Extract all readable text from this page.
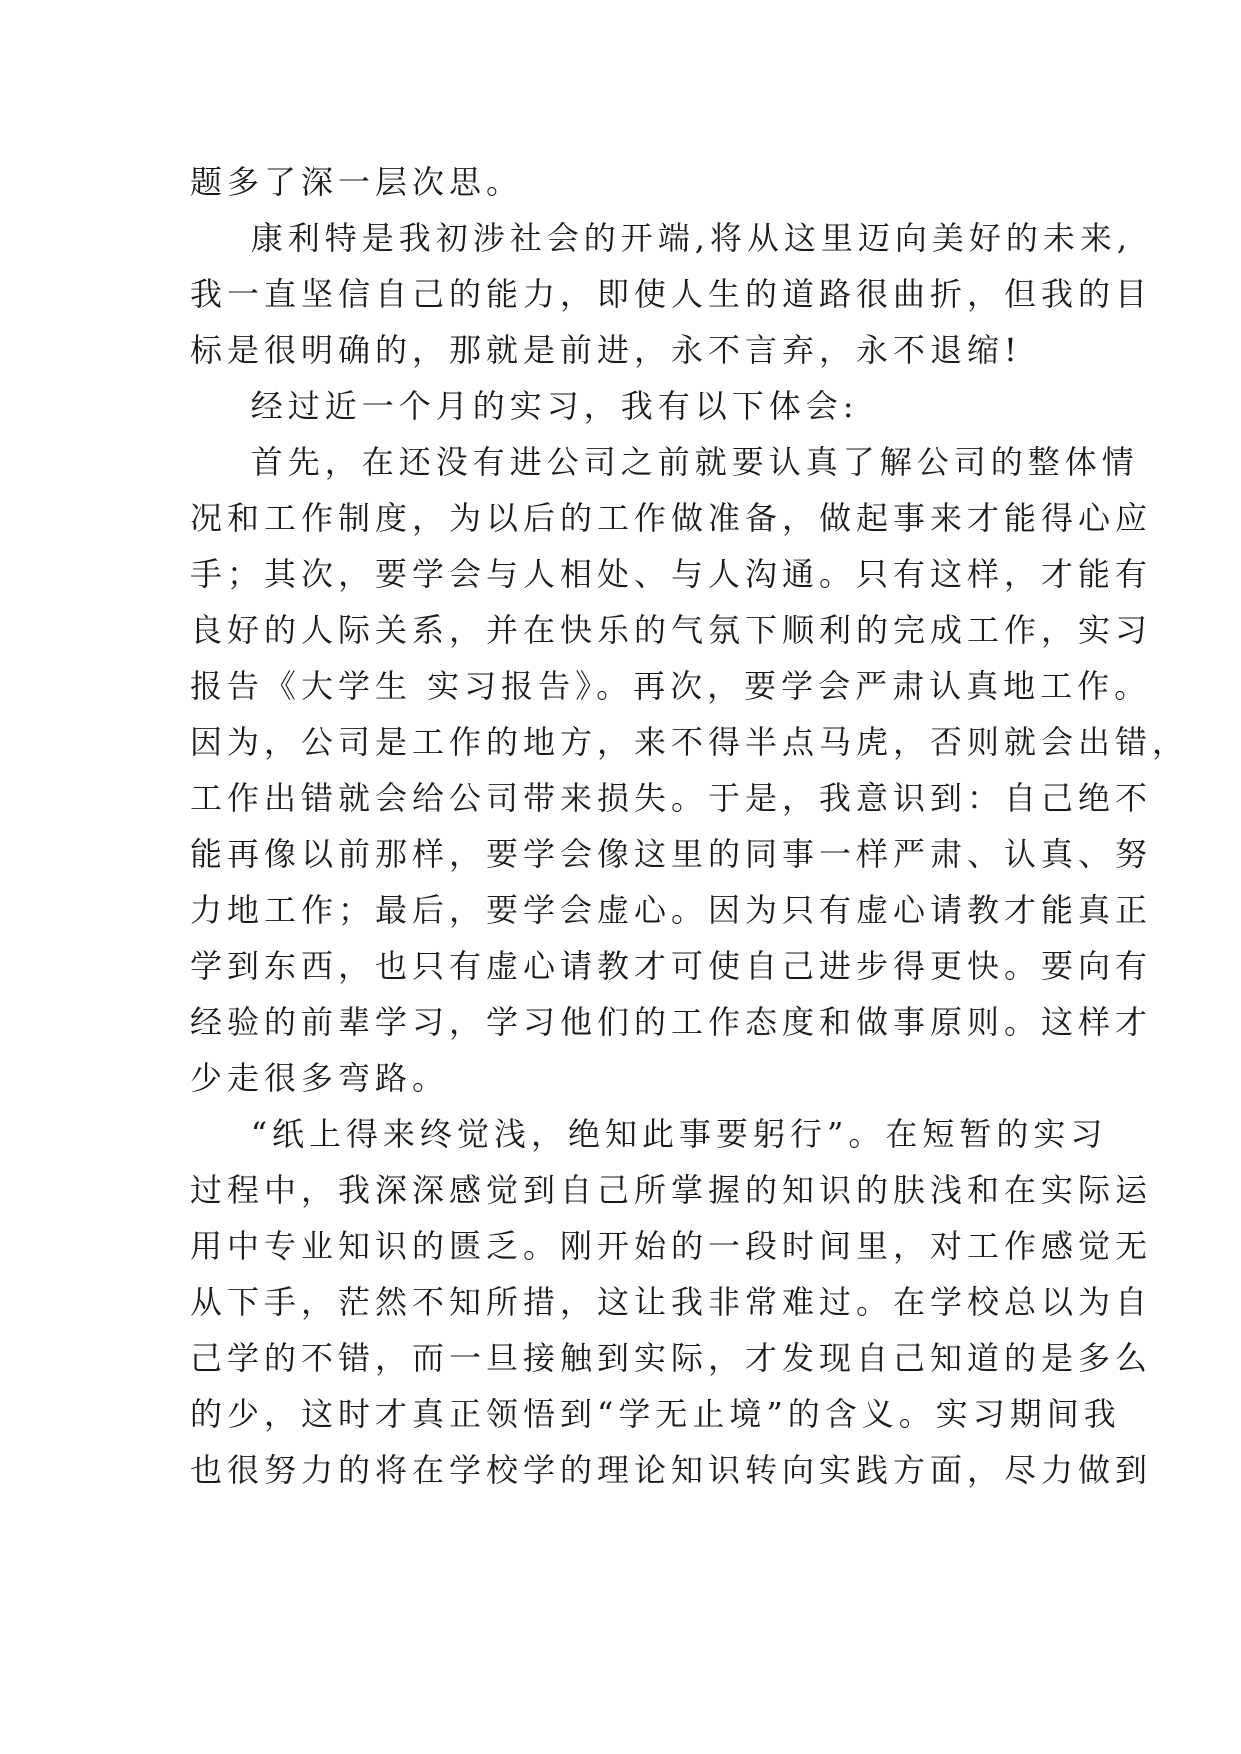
题多了深一层次思。
康利特是我初涉社会的开端,将从这里迈向美好的未来,
我一直坚信自己的能力，即使人生的道路很曲折，但我的目
标是很明确的，那就是前进，永不言弃，永不退缩!
经过近一个月的实习，我有以下体会:
首先，在还没有进公司之前就要认真了解公司的整体情
况和工作制度，为以后的工作做准备，做起事来才能得心应
手；其次，要学会与人相处、与人沟通。只有这样，才能有
良好的人际关系，并在快乐的气氛下顺利的完成工作，实习
报告《大学生 实习报告》。再次，要学会严肃认真地工作。
因为，公司是工作的地方，来不得半点马虎，否则就会出错，
工作出错就会给公司带来损失。于是，我意识到：自己绝不
能再像以前那样，要学会像这里的同事一样严肃、认真、努
力地工作；最后，要学会虚心。因为只有虚心请教才能真正
学到东西，也只有虚心请教才可使自己进步得更快。要向有
经验的前辈学习，学习他们的工作态度和做事原则。这样才
少走很多弯路。
“纸上得来终觉浅，绝知此事要躬行”。在短暂的实习
过程中，我深深感觉到自己所掌握的知识的肤浅和在实际运
用中专业知识的匮乏。刚开始的一段时间里，对工作感觉无
从下手，茫然不知所措，这让我非常难过。在学校总以为自
己学的不错，而一旦接触到实际，才发现自己知道的是多么
的少，这时才真正领悟到“学无止境”的含义。实习期间我
也很努力的将在学校学的理论知识转向实践方面，尽力做到
